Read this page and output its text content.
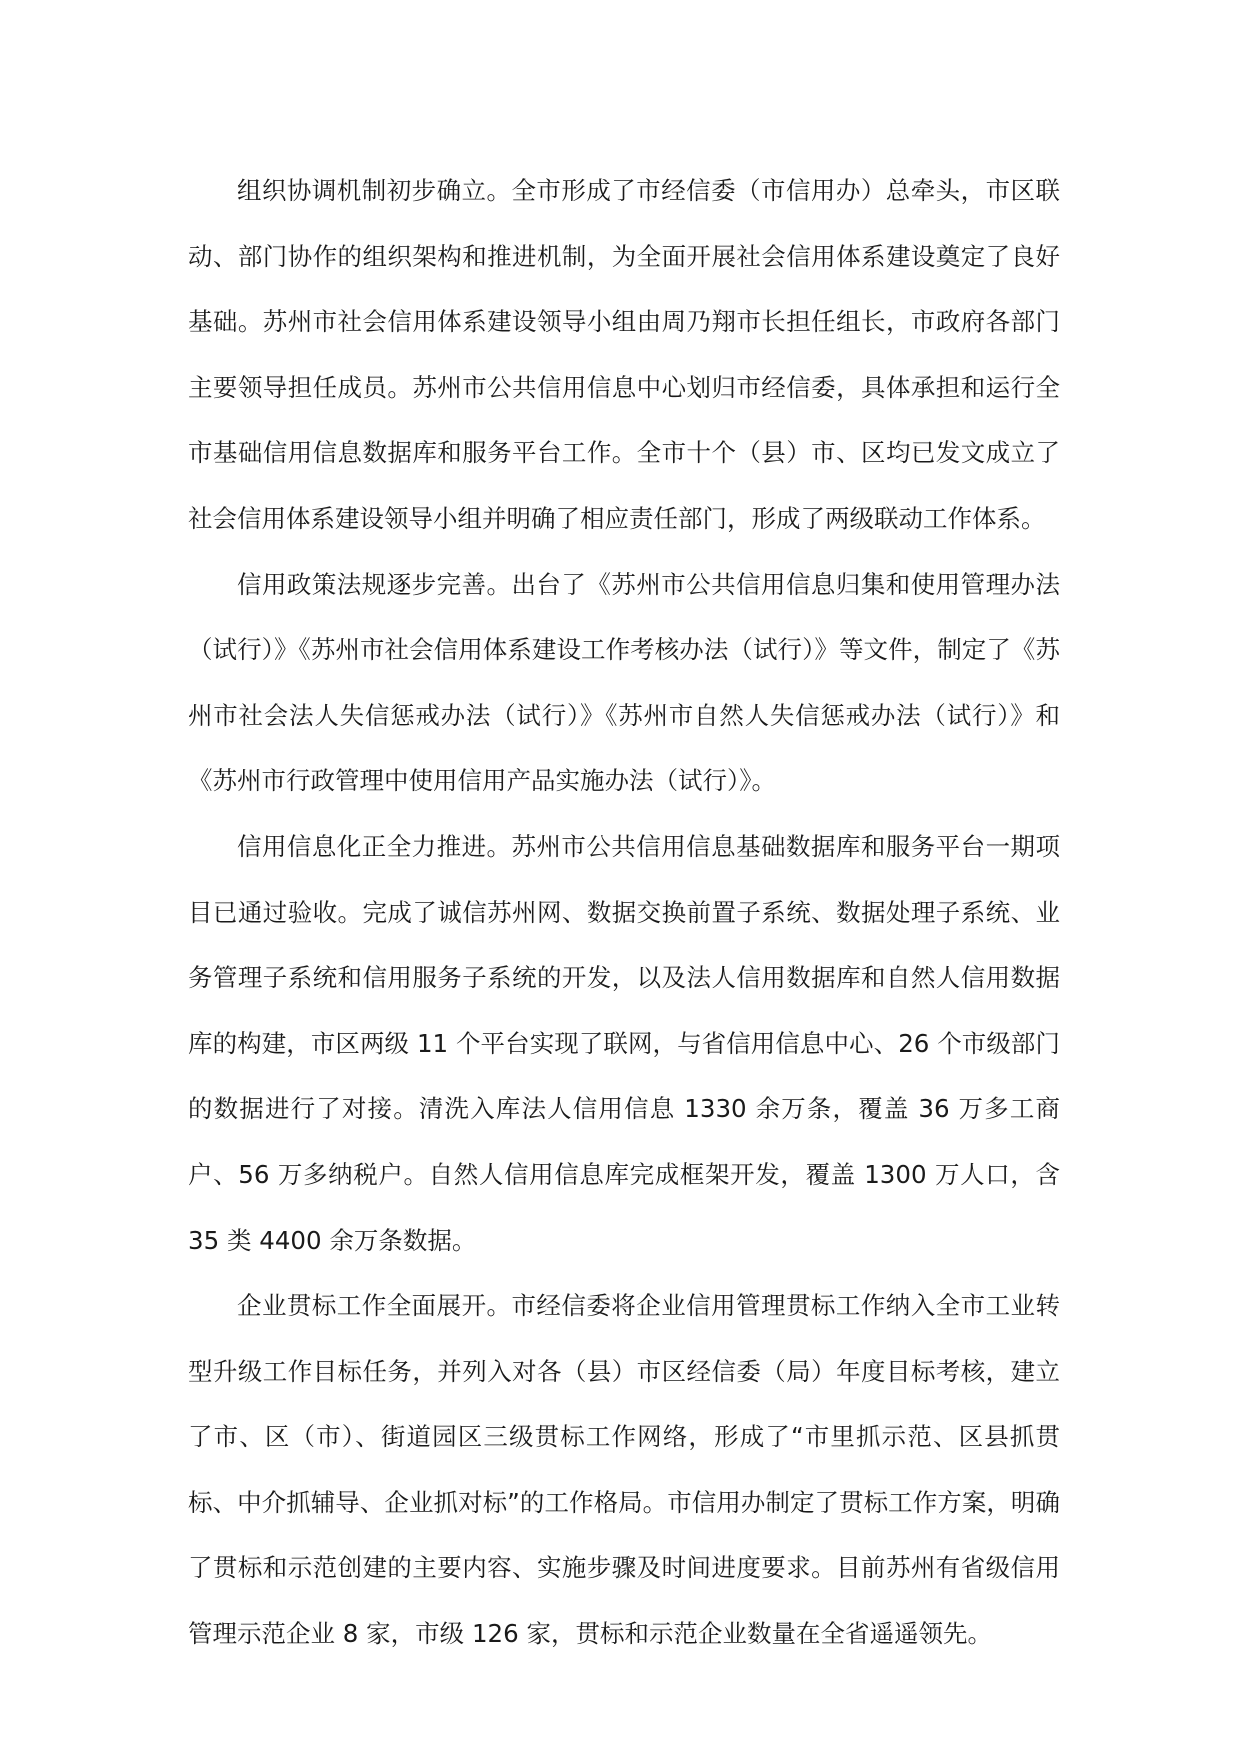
组织协调机制初步确立。全市形成了市经信委（市信用办）总牵头，市区联动、部门协作的组织架构和推进机制，为全面开展社会信用体系建设奠定了良好基础。苏州市社会信用体系建设领导小组由周乃翔市长担任组长，市政府各部门主要领导担任成员。苏州市公共信用信息中心划归市经信委，具体承担和运行全市基础信用信息数据库和服务平台工作。全市十个（县）市、区均已发文成立了社会信用体系建设领导小组并明确了相应责任部门，形成了两级联动工作体系。

信用政策法规逐步完善。出台了《苏州市公共信用信息归集和使用管理办法（试行）》《苏州市社会信用体系建设工作考核办法（试行）》等文件，制定了《苏州市社会法人失信惩戒办法（试行）》《苏州市自然人失信惩戒办法（试行）》和《苏州市行政管理中使用信用产品实施办法（试行）》。

信用信息化正全力推进。苏州市公共信用信息基础数据库和服务平台一期项目已通过验收。完成了诚信苏州网、数据交换前置子系统、数据处理子系统、业务管理子系统和信用服务子系统的开发，以及法人信用数据库和自然人信用数据库的构建，市区两级 11 个平台实现了联网，与省信用信息中心、26 个市级部门的数据进行了对接。清洗入库法人信用信息 1330 余万条，覆盖 36 万多工商户、56 万多纳税户。自然人信用信息库完成框架开发，覆盖 1300 万人口，含 35 类 4400 余万条数据。

企业贯标工作全面展开。市经信委将企业信用管理贯标工作纳入全市工业转型升级工作目标任务，并列入对各（县）市区经信委（局）年度目标考核，建立了市、区（市）、街道园区三级贯标工作网络，形成了“市里抓示范、区县抓贯标、中介抓辅导、企业抓对标”的工作格局。市信用办制定了贯标工作方案，明确了贯标和示范创建的主要内容、实施步骤及时间进度要求。目前苏州有省级信用管理示范企业 8 家，市级 126 家，贯标和示范企业数量在全省遥遥领先。
